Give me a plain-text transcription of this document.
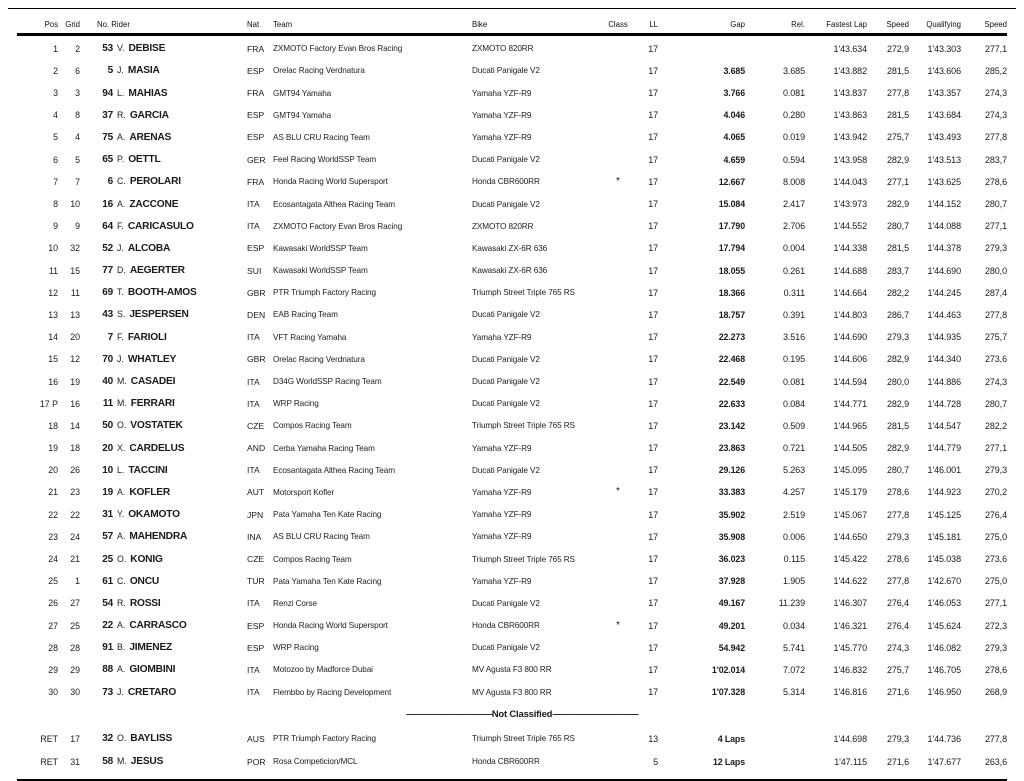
Pos Grid	No. Rider	Nat	Team	Bike	Class	LL	Gap	Rel.	Fastest Lap	Speed	Qualifying	Speed
1	2	53 V. DEBISE	FRA	ZXMOTO Factory Evan Bros Racing	ZXMOTO 820RR	17	1'43.634	272,9	1'43.303	277,1
2	6	5 J. MASIA	ESP	Orelac Racing Verdnatura	Ducati Panigale V2	17	3.685	3.685	1'43.882	281,5	1'43.606	285,2
3	3	94 L. MAHIAS	FRA	GMT94 Yamaha	Yamaha YZF-R9	17	3.766	0.081	1'43.837	277,8	1'43.357	274,3
4	8	37 R. GARCIA	ESP	GMT94 Yamaha	Yamaha YZF-R9	17	4.046	0.280	1'43.863	281,5	1'43.684	274,3
5	4	75 A. ARENAS	ESP	AS BLU CRU Racing Team	Yamaha YZF-R9	17	4.065	0.019	1'43.942	275,7	1'43.493	277,8
6	5	65 P. OETTL	GER Feel Racing WorldSSP Team	Ducati Panigale V2	17	4.659	0.594	1'43.958	282,9	1'43.513	283,7
7	7	6 C. PEROLARI	FRA	Honda Racing World Supersport	Honda CBR600RR	*	17	12.667	8.008	1'44.043	277,1	1'43.625	278,6
8	10	16 A. ZACCONE	ITA	Ecosantagata Althea Racing Team	Ducati Panigale V2	17	15.084	2.417	1'43.973	282,9	1'44.152	280,7
9	9	64 F. CARICASULO	ITA	ZXMOTO Factory Evan Bros Racing	ZXMOTO 820RR	17	17.790	2.706	1'44.552	280,7	1'44.088	277,1
10	32	52 J. ALCOBA	ESP	Kawasaki WorldSSP Team	Kawasaki ZX-6R 636	17	17.794	0.004	1'44.338	281,5	1'44.378	279,3
11	15	77 D. AEGERTER	SUI	Kawasaki WorldSSP Team	Kawasaki ZX-6R 636	17	18.055	0.261	1'44.688	283,7	1'44.690	280,0
12	11	69 T. BOOTH-AMOS	GBR PTR Triumph Factory Racing	Triumph Street Triple 765 RS	17	18.366	0.311	1'44.664	282,2	1'44.245	287,4
13	13	43 S. JESPERSEN	DEN EAB Racing Team	Ducati Panigale V2	17	18.757	0.391	1'44.803	286,7	1'44.463	277,8
14	20	7 F. FARIOLI	ITA	VFT Racing Yamaha	Yamaha YZF-R9	17	22.273	3.516	1'44.690	279,3	1'44.935	275,7
15	12	70 J. WHATLEY	GBR Orelac Racing Verdnatura	Ducati Panigale V2	17	22.468	0.195	1'44.606	282,9	1'44.340	273,6
16	19	40 M. CASADEI	ITA	D34G WorldSSP Racing Team	Ducati Panigale V2	17	22.549	0.081	1'44.594	280,0	1'44.886	274,3
17 P	16	11 M. FERRARI	ITA	WRP Racing	Ducati Panigale V2	17	22.633	0.084	1'44.771	282,9	1'44.728	280,7
18	14	50 O. VOSTATEK	CZE	Compos Racing Team	Triumph Street Triple 765 RS	17	23.142	0.509	1'44.965	281,5	1'44.547	282,2
19	18	20 X. CARDELUS	AND Cerba Yamaha Racing Team	Yamaha YZF-R9	17	23.863	0.721	1'44.505	282,9	1'44.779	277,1
20	26	10 L. TACCINI	ITA	Ecosantagata Althea Racing Team	Ducati Panigale V2	17	29.126	5.263	1'45.095	280,7	1'46.001	279,3
21	23	19 A. KOFLER	AUT	Motorsport Kofler	Yamaha YZF-R9	*	17	33.383	4.257	1'45.179	278,6	1'44.923	270,2
22	22	31 Y. OKAMOTO	JPN	Pata Yamaha Ten Kate Racing	Yamaha YZF-R9	17	35.902	2.519	1'45.067	277,8	1'45.125	276,4
23	24	57 A. MAHENDRA	INA	AS BLU CRU Racing Team	Yamaha YZF-R9	17	35.908	0.006	1'44.650	279,3	1'45.181	275,0
24	21	25 O. KONIG	CZE	Compos Racing Team	Triumph Street Triple 765 RS	17	36.023	0.115	1'45.422	278,6	1'45.038	273,6
25	1	61 C. ONCU	TUR	Pata Yamaha Ten Kate Racing	Yamaha YZF-R9	17	37.928	1.905	1'44.622	277,8	1'42.670	275,0
26	27	54 R. ROSSI	ITA	Renzi Corse	Ducati Panigale V2	17	49.167	11.239	1'46.307	276,4	1'46.053	277,1
27	25	22 A. CARRASCO	ESP	Honda Racing World Supersport	Honda CBR600RR	*	17	49.201	0.034	1'46.321	276,4	1'45.624	272,3
28	28	91 B. JIMENEZ	ESP	WRP Racing	Ducati Panigale V2	17	54.942	5.741	1'45.770	274,3	1'46.082	279,3
29	29	88 A. GIOMBINI	ITA	Motozoo by Madforce Dubai	MV Agusta F3 800 RR	17	1'02.014	7.072	1'46.832	275,7	1'46.705	278,6
30	30	73 J. CRETARO	ITA	Flembbo by Racing Development	MV Agusta F3 800 RR	17	1'07.328	5.314	1'46.816	271,6	1'46.950	268,9
–––––––––––––––––––– Not Classified ––––––––––––––––––––
RET	17	32 O. BAYLISS	AUS	PTR Triumph Factory Racing	Triumph Street Triple 765 RS	13	4 Laps	1'44.698	279,3	1'44.736	277,8
RET	31	58 M. JESUS	POR Rosa Competicion/MCL	Honda CBR600RR	5	12 Laps	1'47.115	271,6	1'47.677	263,6
